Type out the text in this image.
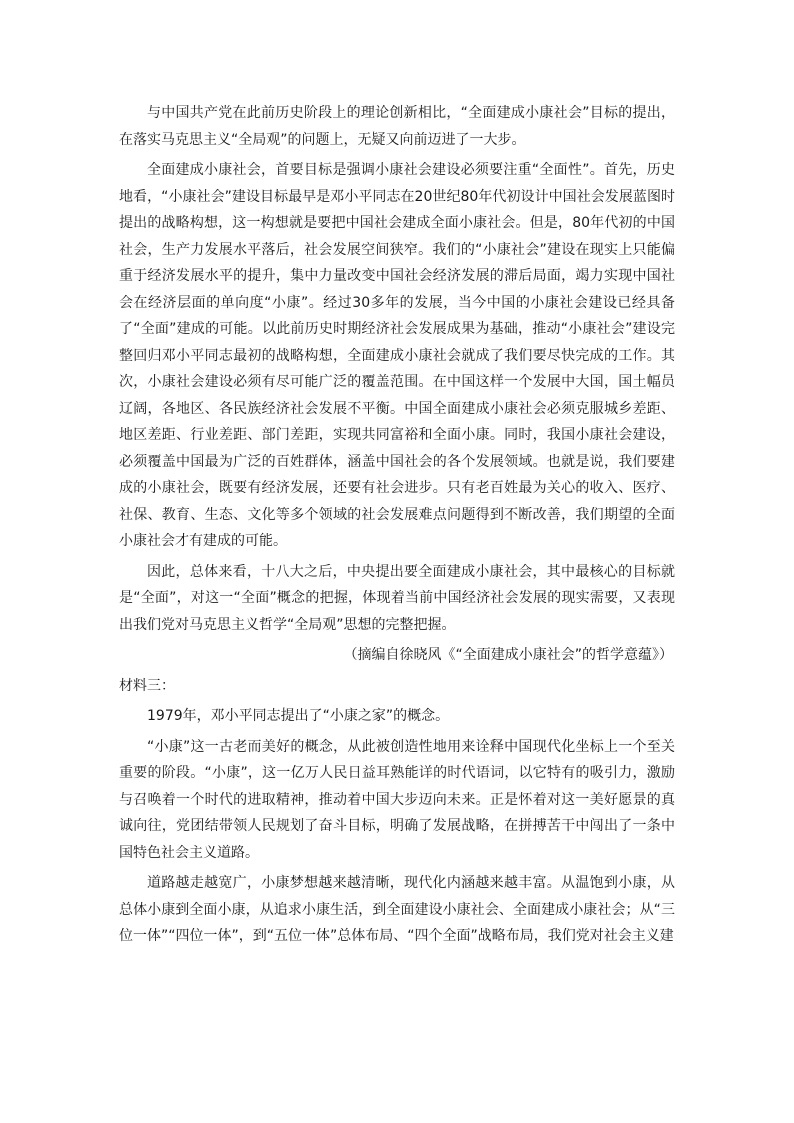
与中国共产党在此前历史阶段上的理论创新相比，“全面建成小康社会”目标的提出，在落实马克思主义“全局观”的问题上，无疑又向前迈进了一大步。

全面建成小康社会，首要目标是强调小康社会建设必须要注重“全面性”。首先，历史地看，“小康社会”建设目标最早是邓小平同志在20世纪80年代初设计中国社会发展蓝图时提出的战略构想，这一构想就是要把中国社会建成全面小康社会。但是，80年代初的中国社会，生产力发展水平落后，社会发展空间狭窄。我们的“小康社会”建设在现实上只能偏重于经济发展水平的提升，集中力量改变中国社会经济发展的滞后局面，竭力实现中国社会在经济层面的单向度“小康”。经过30多年的发展，当今中国的小康社会建设已经具备了“全面”建成的可能。以此前历史时期经济社会发展成果为基础，推动“小康社会”建设完整回归邓小平同志最初的战略构想，全面建成小康社会就成了我们要尽快完成的工作。其次，小康社会建设必须有尽可能广泛的覆盖范围。在中国这样一个发展中大国，国土幅员辽阔，各地区、各民族经济社会发展不平衡。中国全面建成小康社会必须克服城乡差距、地区差距、行业差距、部门差距，实现共同富裕和全面小康。同时，我国小康社会建设，必须覆盖中国最为广泛的百姓群体，涵盖中国社会的各个发展领域。也就是说，我们要建成的小康社会，既要有经济发展，还要有社会进步。只有老百姓最为关心的收入、医疗、社保、教育、生态、文化等多个领域的社会发展难点问题得到不断改善，我们期望的全面小康社会才有建成的可能。

因此，总体来看，十八大之后，中央提出要全面建成小康社会，其中最核心的目标就是“全面”，对这一“全面”概念的把握，体现着当前中国经济社会发展的现实需要，又表现出我们党对马克思主义哲学“全局观”思想的完整把握。

（摘编自徐晓风《“全面建成小康社会”的哲学意蕴》）

材料三：

1979年，邓小平同志提出了“小康之家”的概念。

“小康”这一古老而美好的概念，从此被创造性地用来诠释中国现代化坐标上一个至关重要的阶段。“小康”，这一亿万人民日益耳熟能详的时代语词，以它特有的吸引力，激励与召唤着一个时代的进取精神，推动着中国大步迈向未来。正是怀着对这一美好愿景的真诚向往，党团结带领人民规划了奋斗目标，明确了发展战略，在拼搏苦干中闯出了一条中国特色社会主义道路。

道路越走越宽广，小康梦想越来越清晰，现代化内涵越来越丰富。从温饱到小康，从总体小康到全面小康，从追求小康生活，到全面建设小康社会、全面建成小康社会；从“三位一体”“四位一体”，到“五位一体”总体布局、“四个全面”战略布局，我们党对社会主义建
